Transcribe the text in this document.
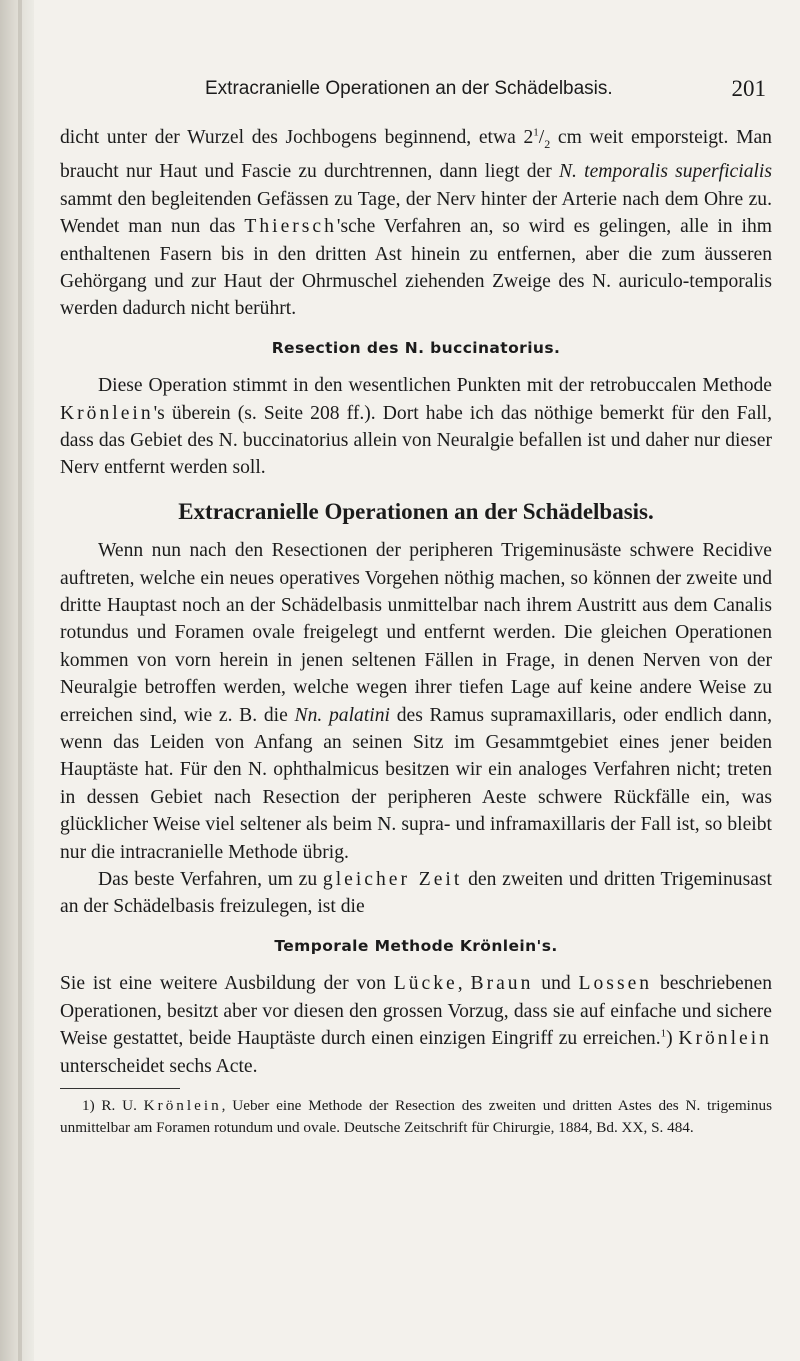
Extracranielle Operationen an der Schädelbasis.	201

dicht unter der Wurzel des Jochbogens beginnend, etwa $2^1/_2$ cm weit emporsteigt. Man braucht nur Haut und Fascie zu durchtrennen, dann liegt der N. temporalis superficialis sammt den begleitenden Gefässen zu Tage, der Nerv hinter der Arterie nach dem Ohre zu. Wendet man nun das Thiersch'sche Verfahren an, so wird es gelingen, alle in ihm enthaltenen Fasern bis in den dritten Ast hinein zu entfernen, aber die zum äusseren Gehörgang und zur Haut der Ohrmuschel ziehenden Zweige des N. auriculo-temporalis werden dadurch nicht berührt.

Resection des N. buccinatorius.

Diese Operation stimmt in den wesentlichen Punkten mit der retrobuccalen Methode Krönlein's überein (s. Seite 208 ff.). Dort habe ich das nöthige bemerkt für den Fall, dass das Gebiet des N. buccinatorius allein von Neuralgie befallen ist und daher nur dieser Nerv entfernt werden soll.

Extracranielle Operationen an der Schädelbasis.

Wenn nun nach den Resectionen der peripheren Trigeminusäste schwere Recidive auftreten, welche ein neues operatives Vorgehen nöthig machen, so können der zweite und dritte Hauptast noch an der Schädelbasis unmittelbar nach ihrem Austritt aus dem Canalis rotundus und Foramen ovale freigelegt und entfernt werden. Die gleichen Operationen kommen von vorn herein in jenen seltenen Fällen in Frage, in denen Nerven von der Neuralgie betroffen werden, welche wegen ihrer tiefen Lage auf keine andere Weise zu erreichen sind, wie z. B. die Nn. palatini des Ramus supramaxillaris, oder endlich dann, wenn das Leiden von Anfang an seinen Sitz im Gesammtgebiet eines jener beiden Hauptäste hat. Für den N. ophthalmicus besitzen wir ein analoges Verfahren nicht; treten in dessen Gebiet nach Resection der peripheren Aeste schwere Rückfälle ein, was glücklicher Weise viel seltener als beim N. supra- und inframaxillaris der Fall ist, so bleibt nur die intracranielle Methode übrig.

Das beste Verfahren, um zu gleicher Zeit den zweiten und dritten Trigeminusast an der Schädelbasis freizulegen, ist die

Temporale Methode Krönlein's.

Sie ist eine weitere Ausbildung der von Lücke, Braun und Lossen beschriebenen Operationen, besitzt aber vor diesen den grossen Vorzug, dass sie auf einfache und sichere Weise gestattet, beide Hauptäste durch einen einzigen Eingriff zu erreichen.$^1$) Krönlein unterscheidet sechs Acte.

1) R. U. Krönlein, Ueber eine Methode der Resection des zweiten und dritten Astes des N. trigeminus unmittelbar am Foramen rotundum und ovale. Deutsche Zeitschrift für Chirurgie, 1884, Bd. XX, S. 484.
